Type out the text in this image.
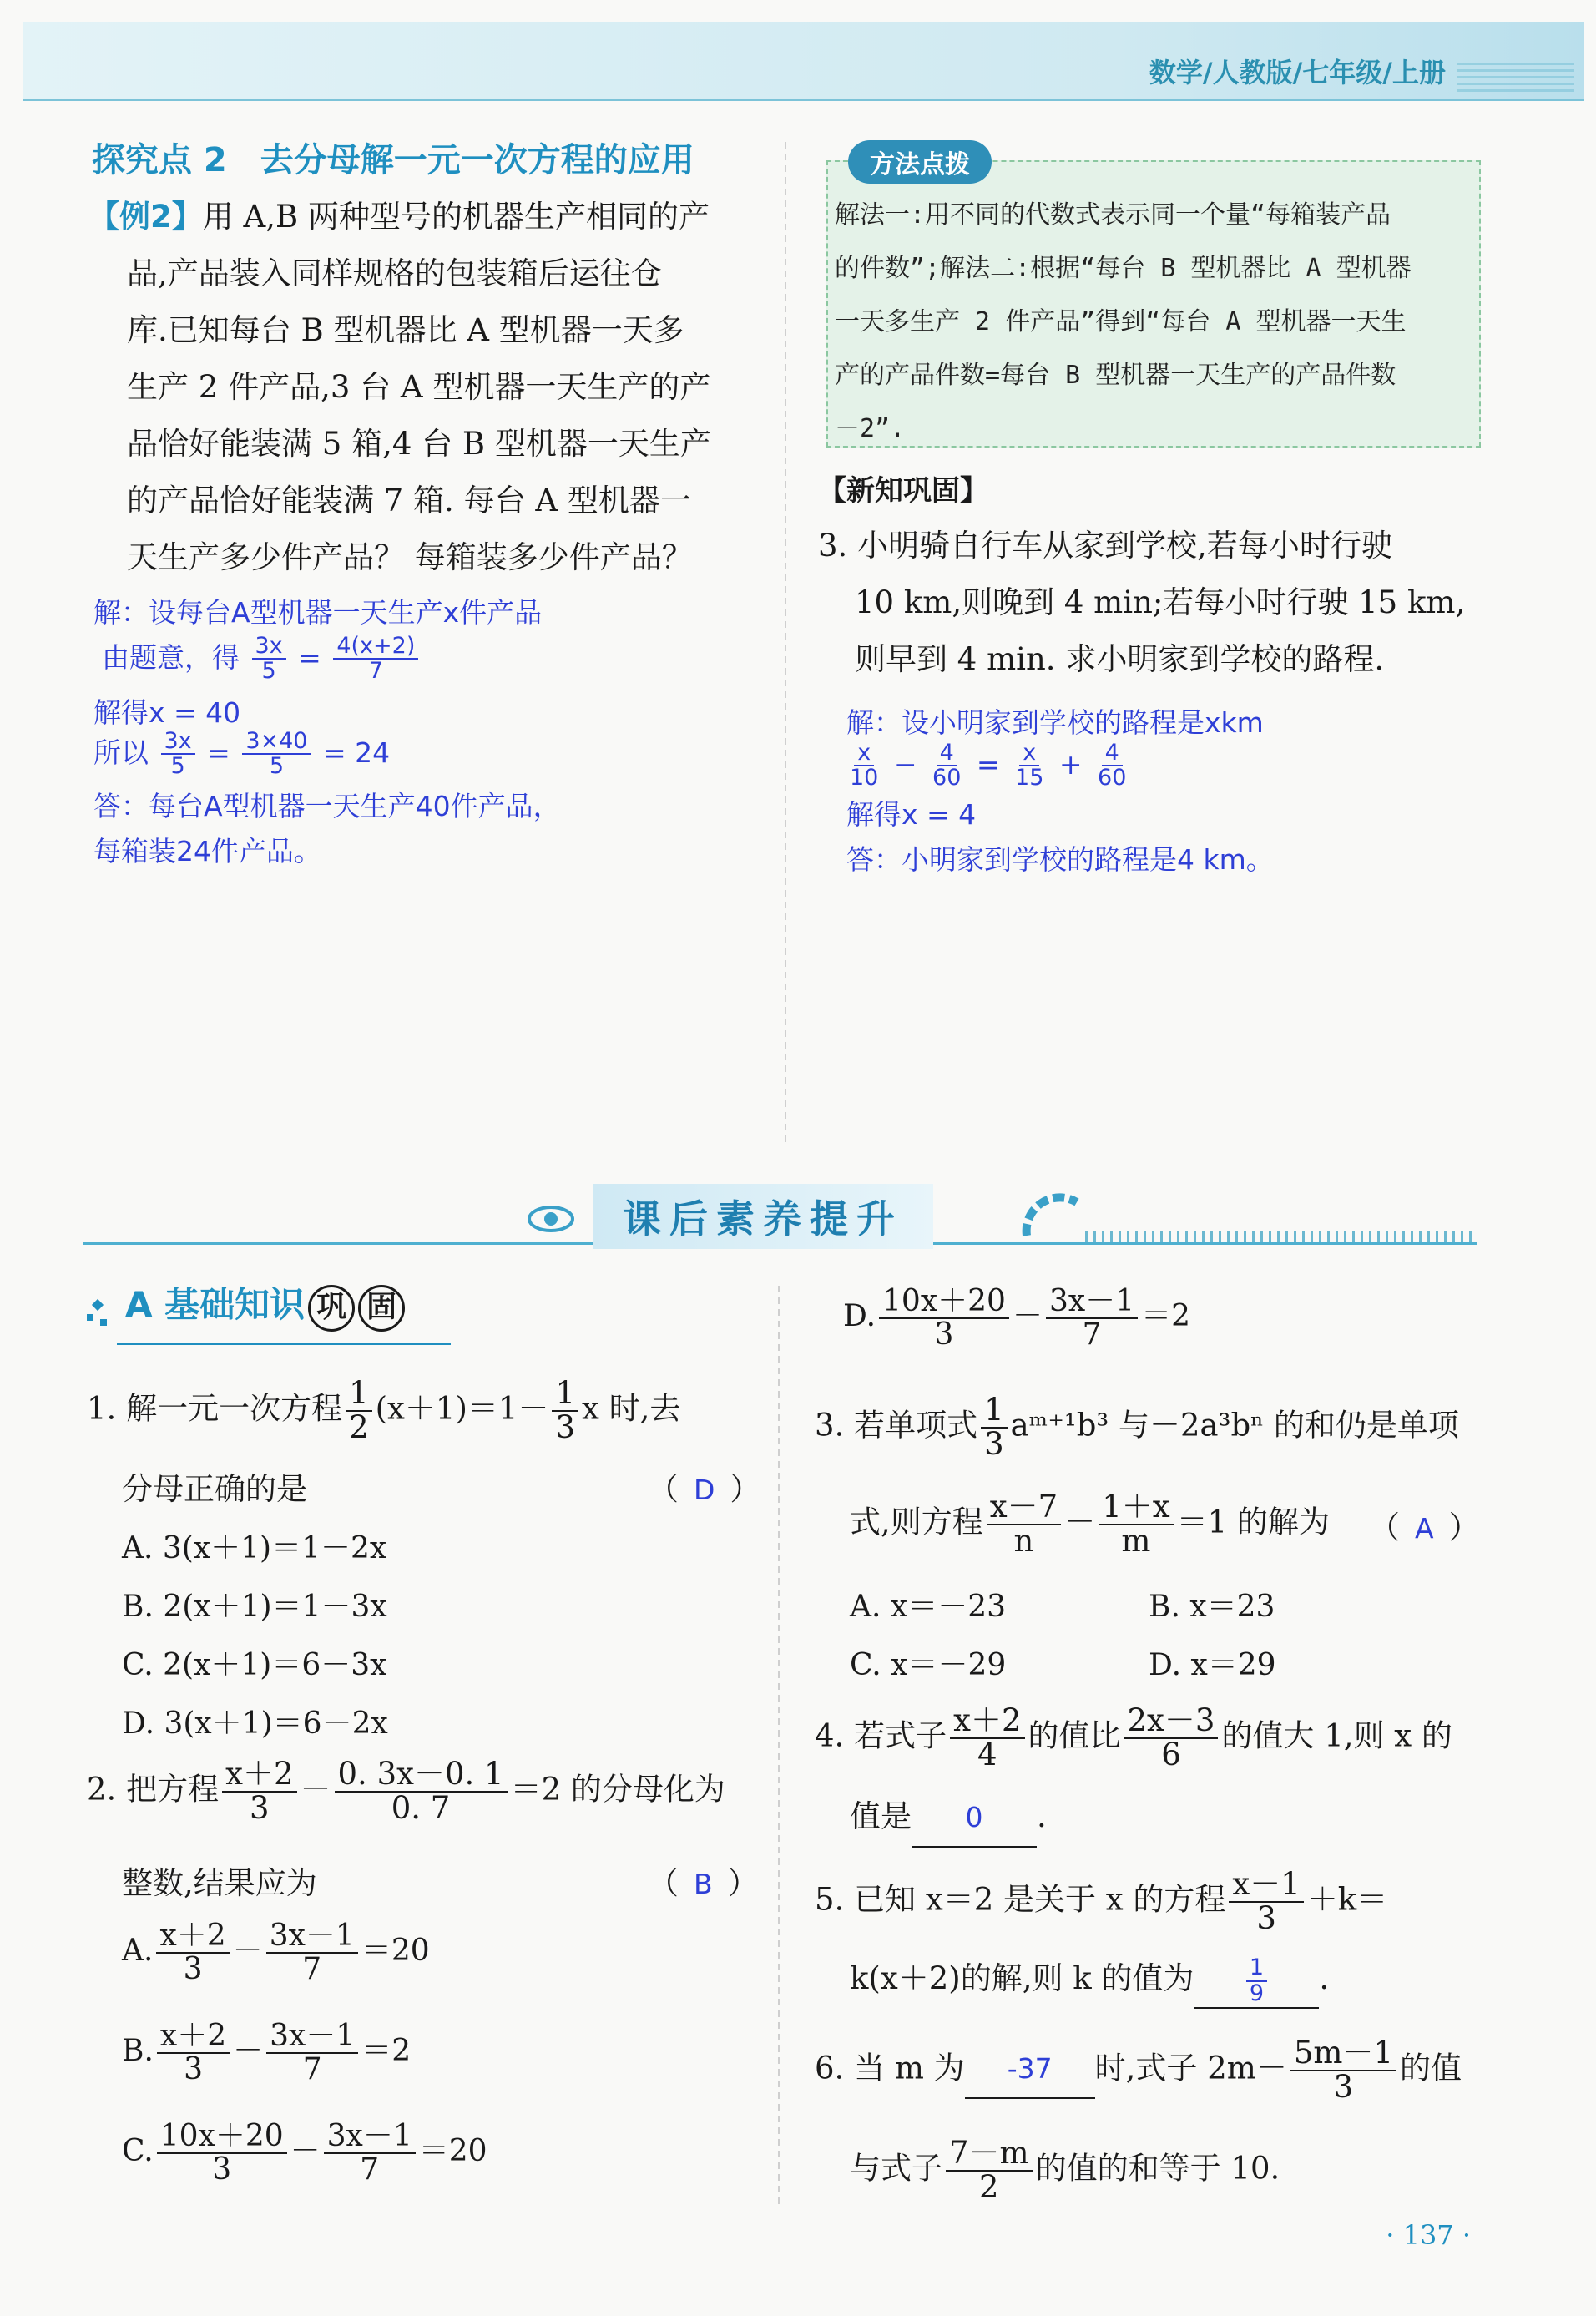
数学/人教版/七年级/上册
探究点 2　去分母解一元一次方程的应用
【例2】用 A,B 两种型号的机器生产相同的产
品,产品装入同样规格的包装箱后运往仓
库.已知每台 B 型机器比 A 型机器一天多
生产 2 件产品,3 台 A 型机器一天生产的产
品恰好能装满 5 箱,4 台 B 型机器一天生产
的产品恰好能装满 7 箱. 每台 A 型机器一
天生产多少件产品？ 每箱装多少件产品？
解：设每台A型机器一天生产x件产品
由题意，得 $\frac{3x}{5} = \frac{4(x+2)}{7}$
解得x = 40
所以 $\frac{3x}{5} = \frac{3\times 40}{5} = 24$
答：每台A型机器一天生产40件产品，
每箱装24件产品。
方法点拨
解法一:用不同的代数式表示同一个量“每箱装产品
的件数”;解法二:根据“每台 B 型机器比 A 型机器
一天多生产 2 件产品”得到“每台 A 型机器一天生
产的产品件数=每台 B 型机器一天生产的产品件数
－2”.
【新知巩固】
3. 小明骑自行车从家到学校,若每小时行驶
10 km,则晚到 4 min;若每小时行驶 15 km,
则早到 4 min. 求小明家到学校的路程.
解：设小明家到学校的路程是xkm
$\frac{x}{10} - \frac{4}{60} = \frac{x}{15} + \frac{4}{60}$
解得x = 4
答：小明家到学校的路程是4 km。
课后素养提升
A 基础知识 巩 固
1. 解一元一次方程 $\frac{1}{2} (x+1)=1- \frac{1}{3}$ x 时,去
分母正确的是	（ D ）
A. 3(x＋1)＝1－2x
B. 2(x＋1)＝1－3x
C. 2(x＋1)＝6－3x
D. 3(x＋1)＝6－2x
2. 把方程 $\frac{x+2}{3} - \frac{0. 3x-0. 1}{0. 7} =2$ 的分母化为
整数,结果应为	（ B ）
A. $\frac{x+2}{3} - \frac{3x-1}{7} =20$
B. $\frac{x+2}{3} - \frac{3x-1}{7} =2$
C. $\frac{10x+20}{3} - \frac{3x-1}{7} =20$
D. $\frac{10x+20}{3} - \frac{3x-1}{7} =2$
3. 若单项式 $\frac{1}{3}$ aᵐ⁺¹b³ 与－2a³bⁿ 的和仍是单项
式,则方程 $\frac{x-7}{n} - \frac{1+x}{m} =1$ 的解为 （ A ）
A. x＝－23	B. x＝23
C. x＝－29	D. x＝29
4. 若式子 $\frac{x+2}{4}$ 的值比 $\frac{2x-3}{6}$ 的值大 1,则 x 的
值是 0 .
5. 已知 x＝2 是关于 x 的方程 $\frac{x-1}{3} +k=$
k(x＋2)的解,则 k 的值为 $\frac{1}{9}$ .
6. 当 m 为 -37 时,式子 $2m- \frac{5m-1}{3}$ 的值
与式子 $\frac{7-m}{2}$ 的值的和等于 10.
· 137 ·
